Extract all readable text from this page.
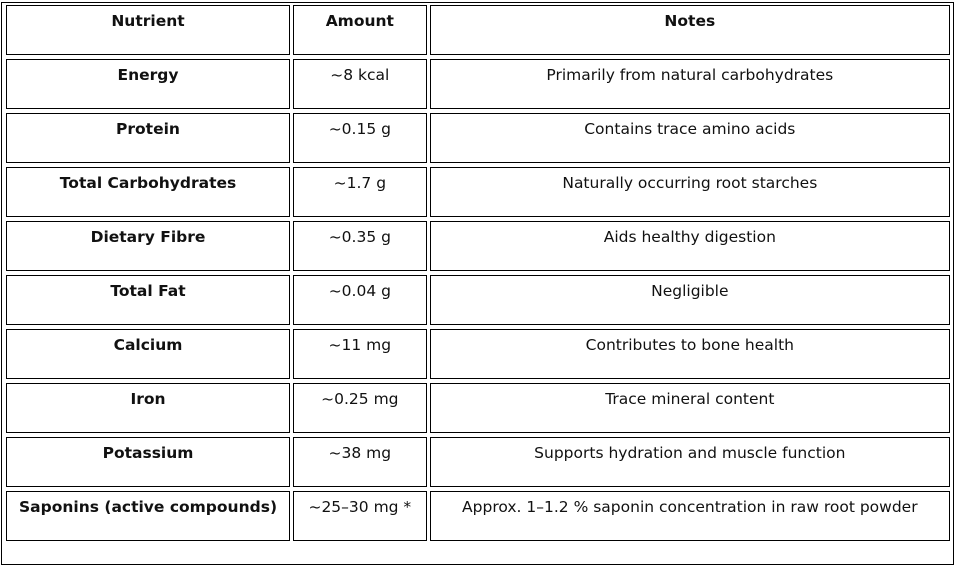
Nutrient	Amount	Notes
Energy	~8 kcal	Primarily from natural carbohydrates
Protein	~0.15 g	Contains trace amino acids
Total Carbohydrates	~1.7 g	Naturally occurring root starches
Dietary Fibre	~0.35 g	Aids healthy digestion
Total Fat	~0.04 g	Negligible
Calcium	~11 mg	Contributes to bone health
Iron	~0.25 mg	Trace mineral content
Potassium	~38 mg	Supports hydration and muscle function
Saponins (active compounds)	~25–30 mg *	Approx. 1–1.2 % saponin concentration in raw root powder
